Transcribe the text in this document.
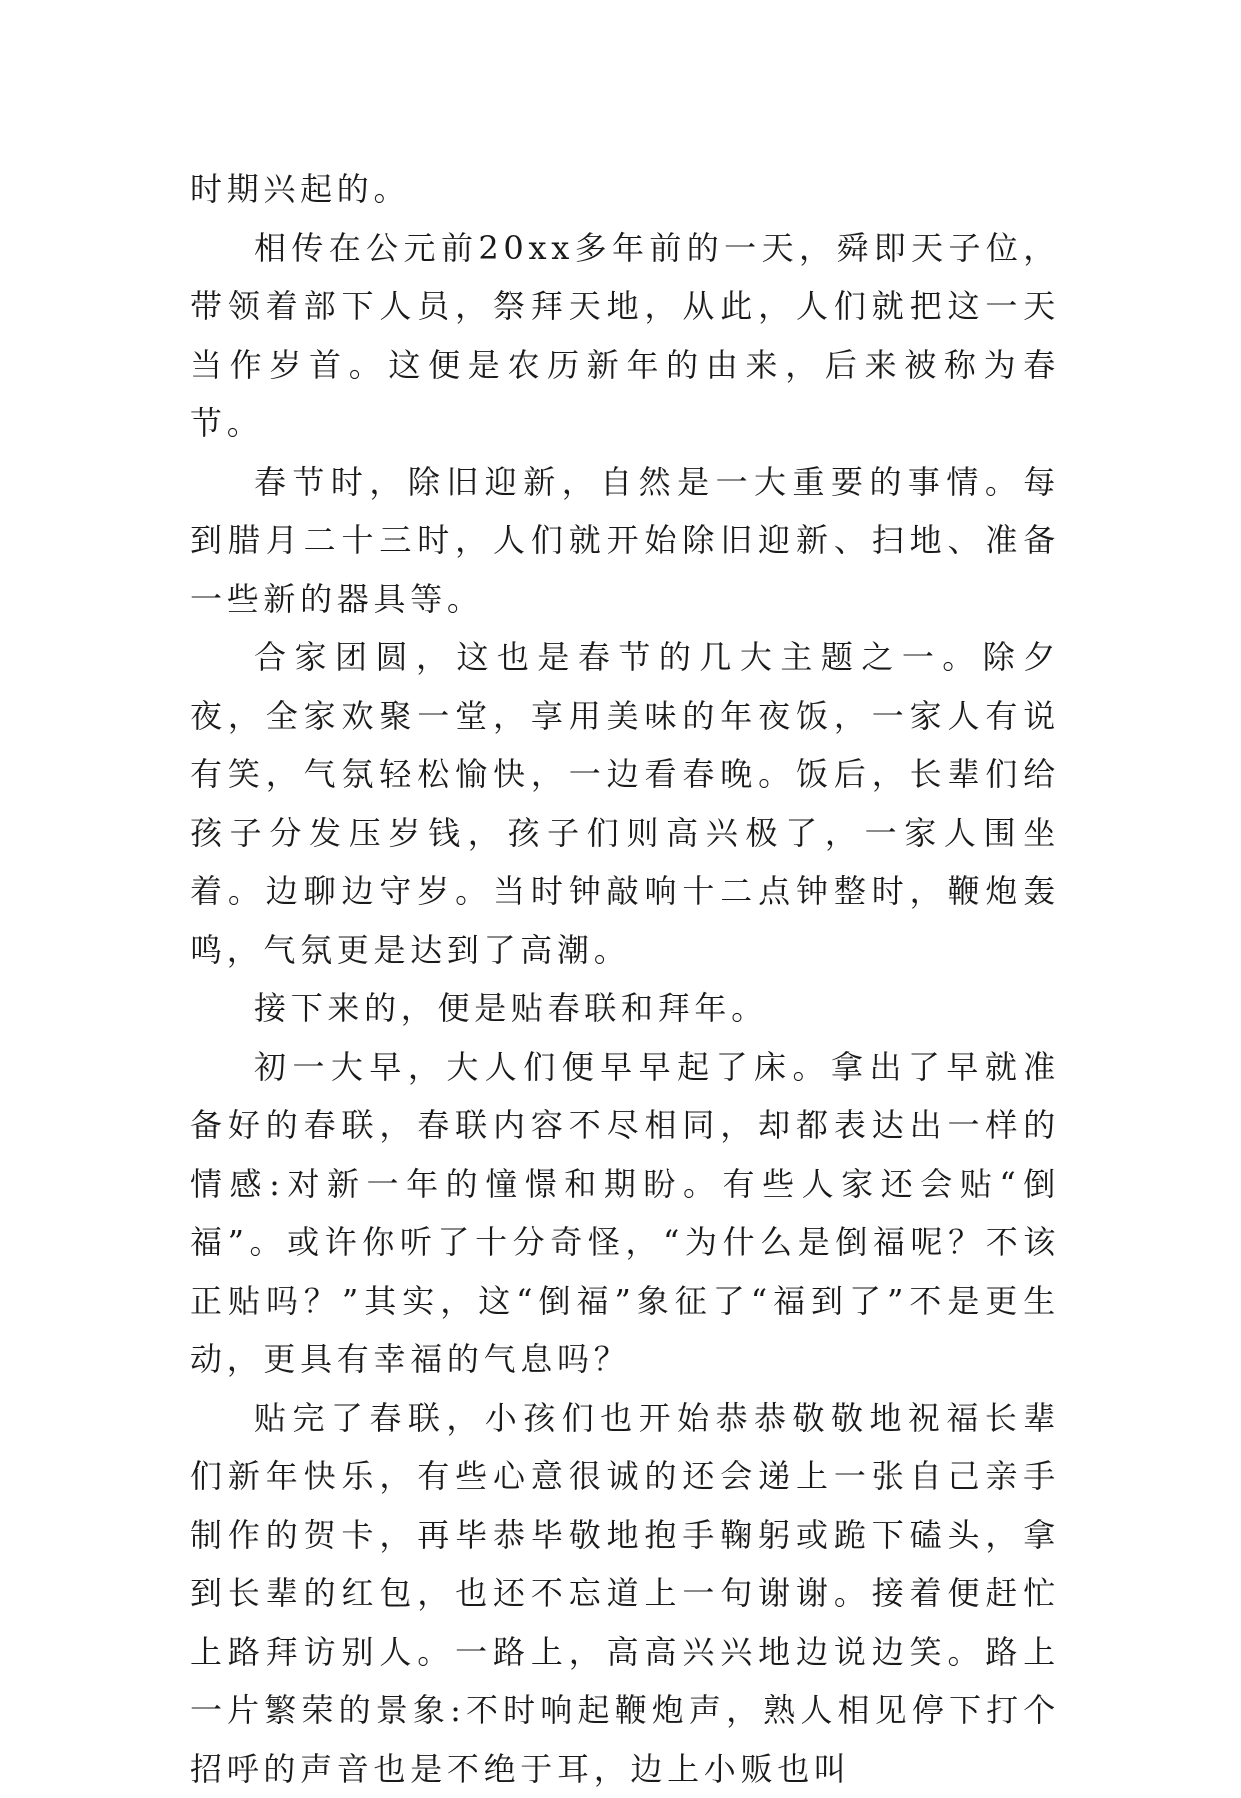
时期兴起的。

相传在公元前20xx多年前的一天，舜即天子位，带领着部下人员，祭拜天地，从此，人们就把这一天当作岁首。这便是农历新年的由来，后来被称为春节。

春节时，除旧迎新，自然是一大重要的事情。每到腊月二十三时，人们就开始除旧迎新、扫地、准备一些新的器具等。

合家团圆，这也是春节的几大主题之一。除夕夜，全家欢聚一堂，享用美味的年夜饭，一家人有说有笑，气氛轻松愉快，一边看春晚。饭后，长辈们给孩子分发压岁钱，孩子们则高兴极了，一家人围坐着。边聊边守岁。当时钟敲响十二点钟整时，鞭炮轰鸣，气氛更是达到了高潮。

接下来的，便是贴春联和拜年。

初一大早，大人们便早早起了床。拿出了早就准备好的春联，春联内容不尽相同，却都表达出一样的情感:对新一年的憧憬和期盼。有些人家还会贴“倒福”。或许你听了十分奇怪，“为什么是倒福呢？不该正贴吗？”其实，这“倒福”象征了“福到了”不是更生动，更具有幸福的气息吗？

贴完了春联，小孩们也开始恭恭敬敬地祝福长辈们新年快乐，有些心意很诚的还会递上一张自己亲手制作的贺卡，再毕恭毕敬地抱手鞠躬或跪下磕头，拿到长辈的红包，也还不忘道上一句谢谢。接着便赶忙上路拜访别人。一路上，高高兴兴地边说边笑。路上一片繁荣的景象:不时响起鞭炮声，熟人相见停下打个招呼的声音也是不绝于耳，边上小贩也叫
